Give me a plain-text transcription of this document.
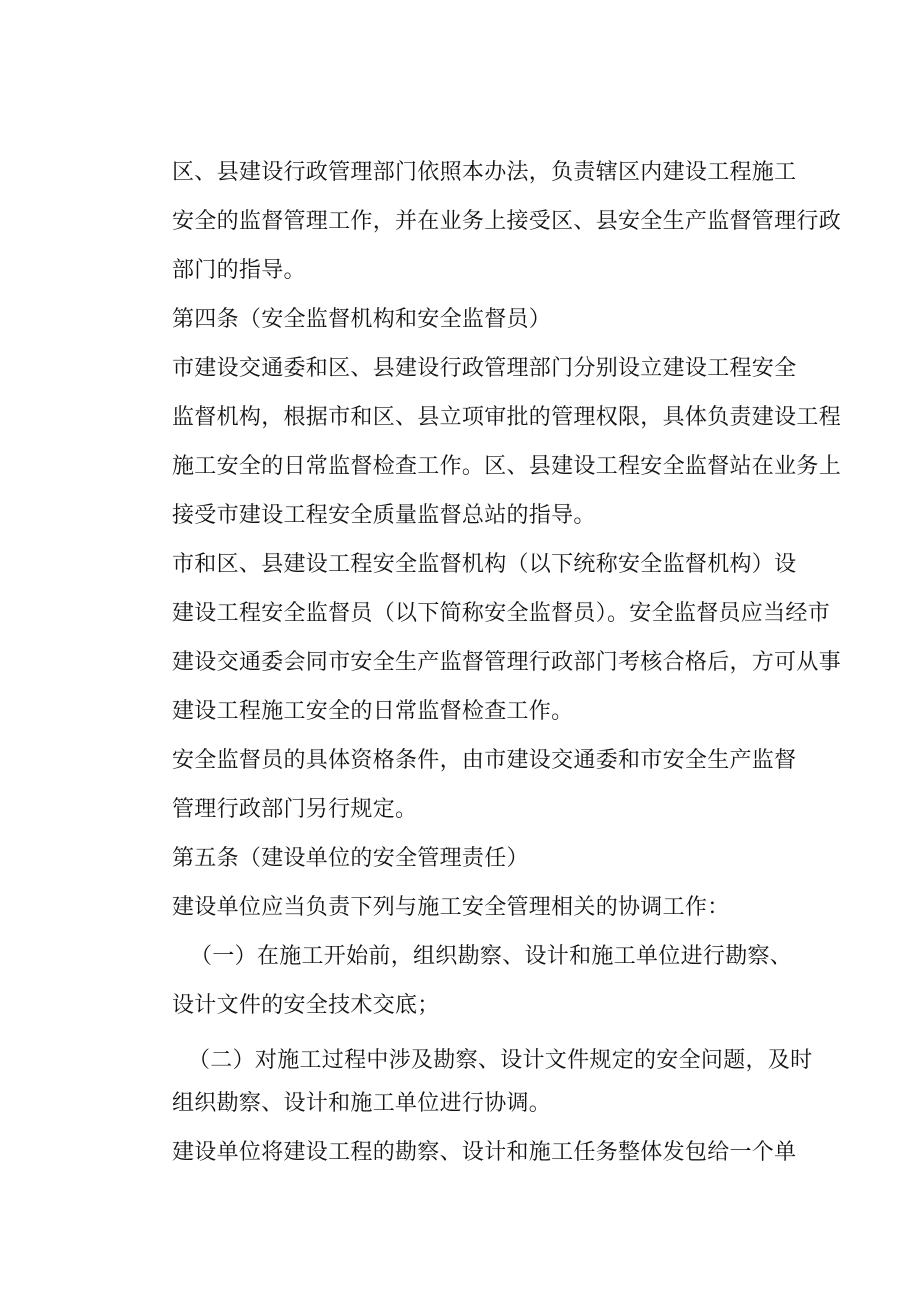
区、县建设行政管理部门依照本办法，负责辖区内建设工程施工
安全的监督管理工作，并在业务上接受区、县安全生产监督管理行政
部门的指导。
第四条（安全监督机构和安全监督员）
市建设交通委和区、县建设行政管理部门分别设立建设工程安全
监督机构，根据市和区、县立项审批的管理权限，具体负责建设工程
施工安全的日常监督检查工作。区、县建设工程安全监督站在业务上
接受市建设工程安全质量监督总站的指导。
市和区、县建设工程安全监督机构（以下统称安全监督机构）设
建设工程安全监督员（以下简称安全监督员）。安全监督员应当经市
建设交通委会同市安全生产监督管理行政部门考核合格后，方可从事
建设工程施工安全的日常监督检查工作。
安全监督员的具体资格条件，由市建设交通委和市安全生产监督
管理行政部门另行规定。
第五条（建设单位的安全管理责任）
建设单位应当负责下列与施工安全管理相关的协调工作：
（一）在施工开始前，组织勘察、设计和施工单位进行勘察、
设计文件的安全技术交底；
（二）对施工过程中涉及勘察、设计文件规定的安全问题，及时
组织勘察、设计和施工单位进行协调。
建设单位将建设工程的勘察、设计和施工任务整体发包给一个单
